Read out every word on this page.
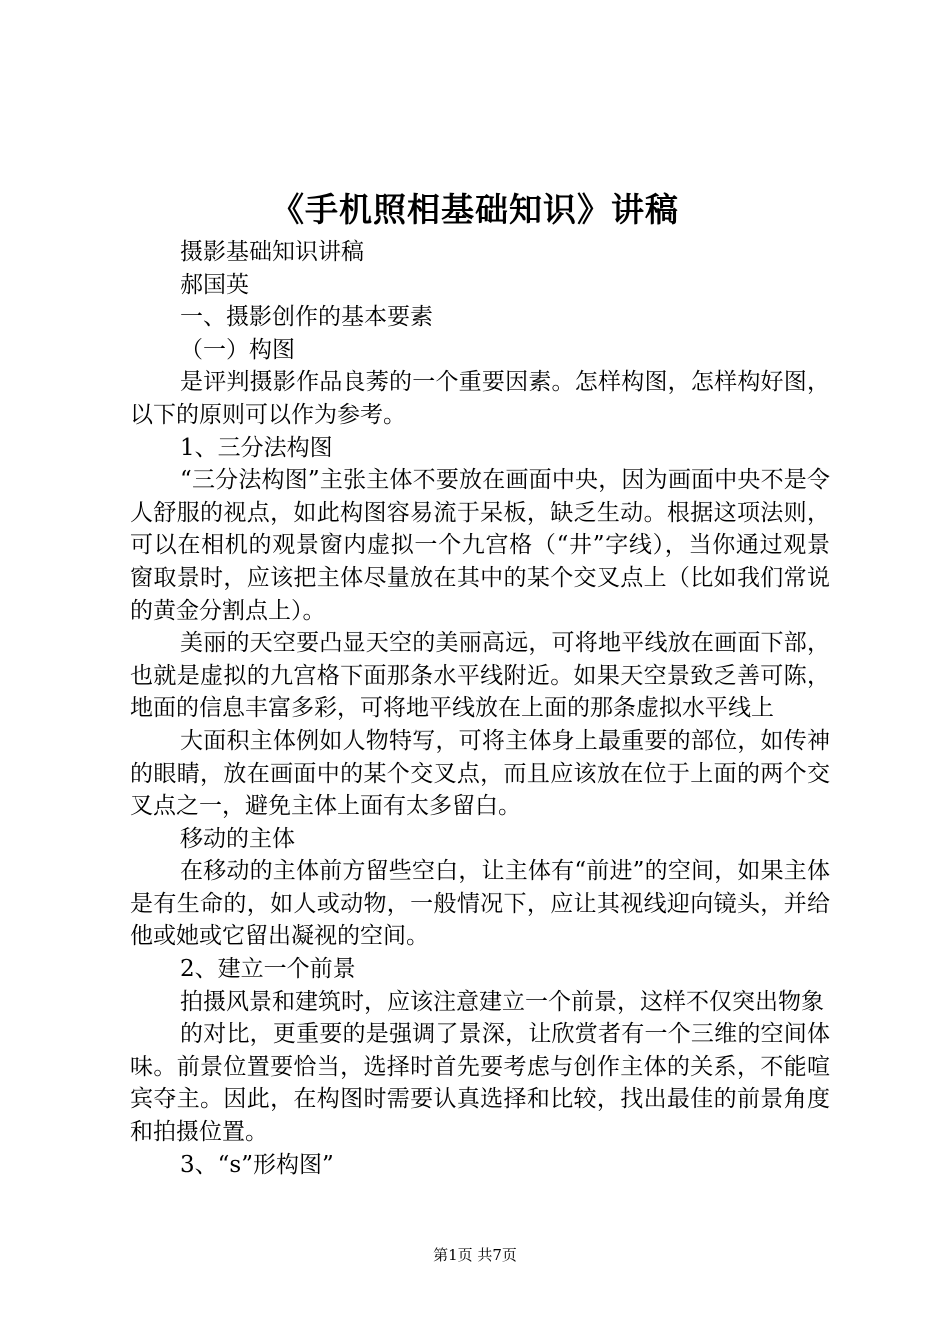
《手机照相基础知识》讲稿

摄影基础知识讲稿

郝国英

一、摄影创作的基本要素

（一）构图

是评判摄影作品良莠的一个重要因素。怎样构图，怎样构好图，以下的原则可以作为参考。

1、三分法构图

“三分法构图”主张主体不要放在画面中央，因为画面中央不是令人舒服的视点，如此构图容易流于呆板，缺乏生动。根据这项法则，可以在相机的观景窗内虚拟一个九宫格（“井”字线），当你通过观景窗取景时，应该把主体尽量放在其中的某个交叉点上（比如我们常说的黄金分割点上）。

美丽的天空要凸显天空的美丽高远，可将地平线放在画面下部，也就是虚拟的九宫格下面那条水平线附近。如果天空景致乏善可陈，地面的信息丰富多彩，可将地平线放在上面的那条虚拟水平线上

大面积主体例如人物特写，可将主体身上最重要的部位，如传神的眼睛，放在画面中的某个交叉点，而且应该放在位于上面的两个交叉点之一，避免主体上面有太多留白。

移动的主体

在移动的主体前方留些空白，让主体有“前进”的空间，如果主体是有生命的，如人或动物，一般情况下，应让其视线迎向镜头，并给他或她或它留出凝视的空间。

2、建立一个前景

拍摄风景和建筑时，应该注意建立一个前景，这样不仅突出物象

的对比，更重要的是强调了景深，让欣赏者有一个三维的空间体味。前景位置要恰当，选择时首先要考虑与创作主体的关系，不能喧宾夺主。因此，在构图时需要认真选择和比较，找出最佳的前景角度和拍摄位置。

3、“s”形构图”

第1页 共7页
